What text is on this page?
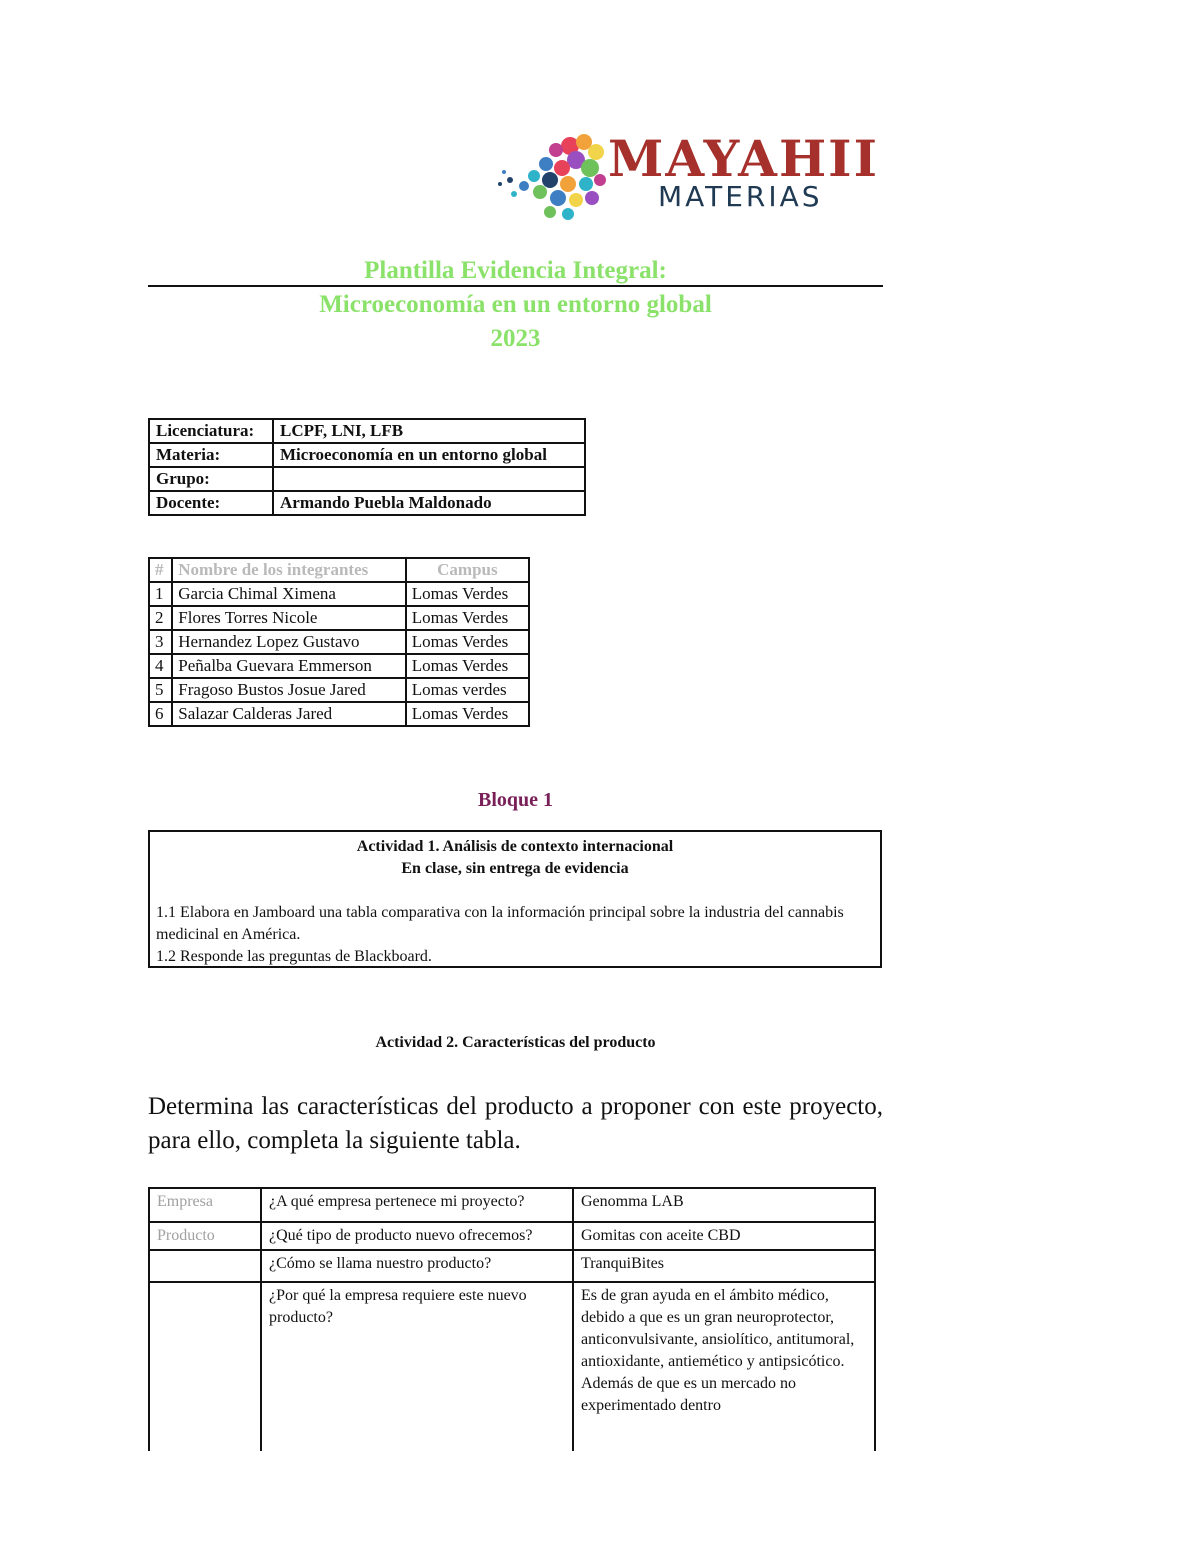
MAYAHII
MATERIAS
Plantilla Evidencia Integral:
Microeconomía en un entorno global
2023
Licenciatura:	LCPF, LNI, LFB
Materia:	Microeconomía en un entorno global
Grupo:	
Docente:	Armando Puebla Maldonado
#	Nombre de los integrantes	Campus
1	Garcia Chimal Ximena	Lomas Verdes
2	Flores Torres Nicole	Lomas Verdes
3	Hernandez Lopez Gustavo	Lomas Verdes
4	Peñalba Guevara Emmerson	Lomas Verdes
5	Fragoso Bustos Josue Jared	Lomas verdes
6	Salazar Calderas Jared	Lomas Verdes
Bloque 1
Actividad 1. Análisis de contexto internacional
En clase, sin entrega de evidencia
1.1 Elabora en Jamboard una tabla comparativa con la información principal sobre la industria del cannabis medicinal en América.
1.2 Responde las preguntas de Blackboard.
Actividad 2. Características del producto
Determina las características del producto a proponer con este proyecto, para ello, completa la siguiente tabla.
Empresa	¿A qué empresa pertenece mi proyecto?	Genomma LAB
Producto	¿Qué tipo de producto nuevo ofrecemos?	Gomitas con aceite CBD
	¿Cómo se llama nuestro producto?	TranquiBites
	¿Por qué la empresa requiere este nuevo producto?	Es de gran ayuda en el ámbito médico, debido a que es un gran neuroprotector, anticonvulsivante, ansiolítico, antitumoral, antioxidante, antiemético y antipsicótico. Además de que es un mercado no experimentado dentro
